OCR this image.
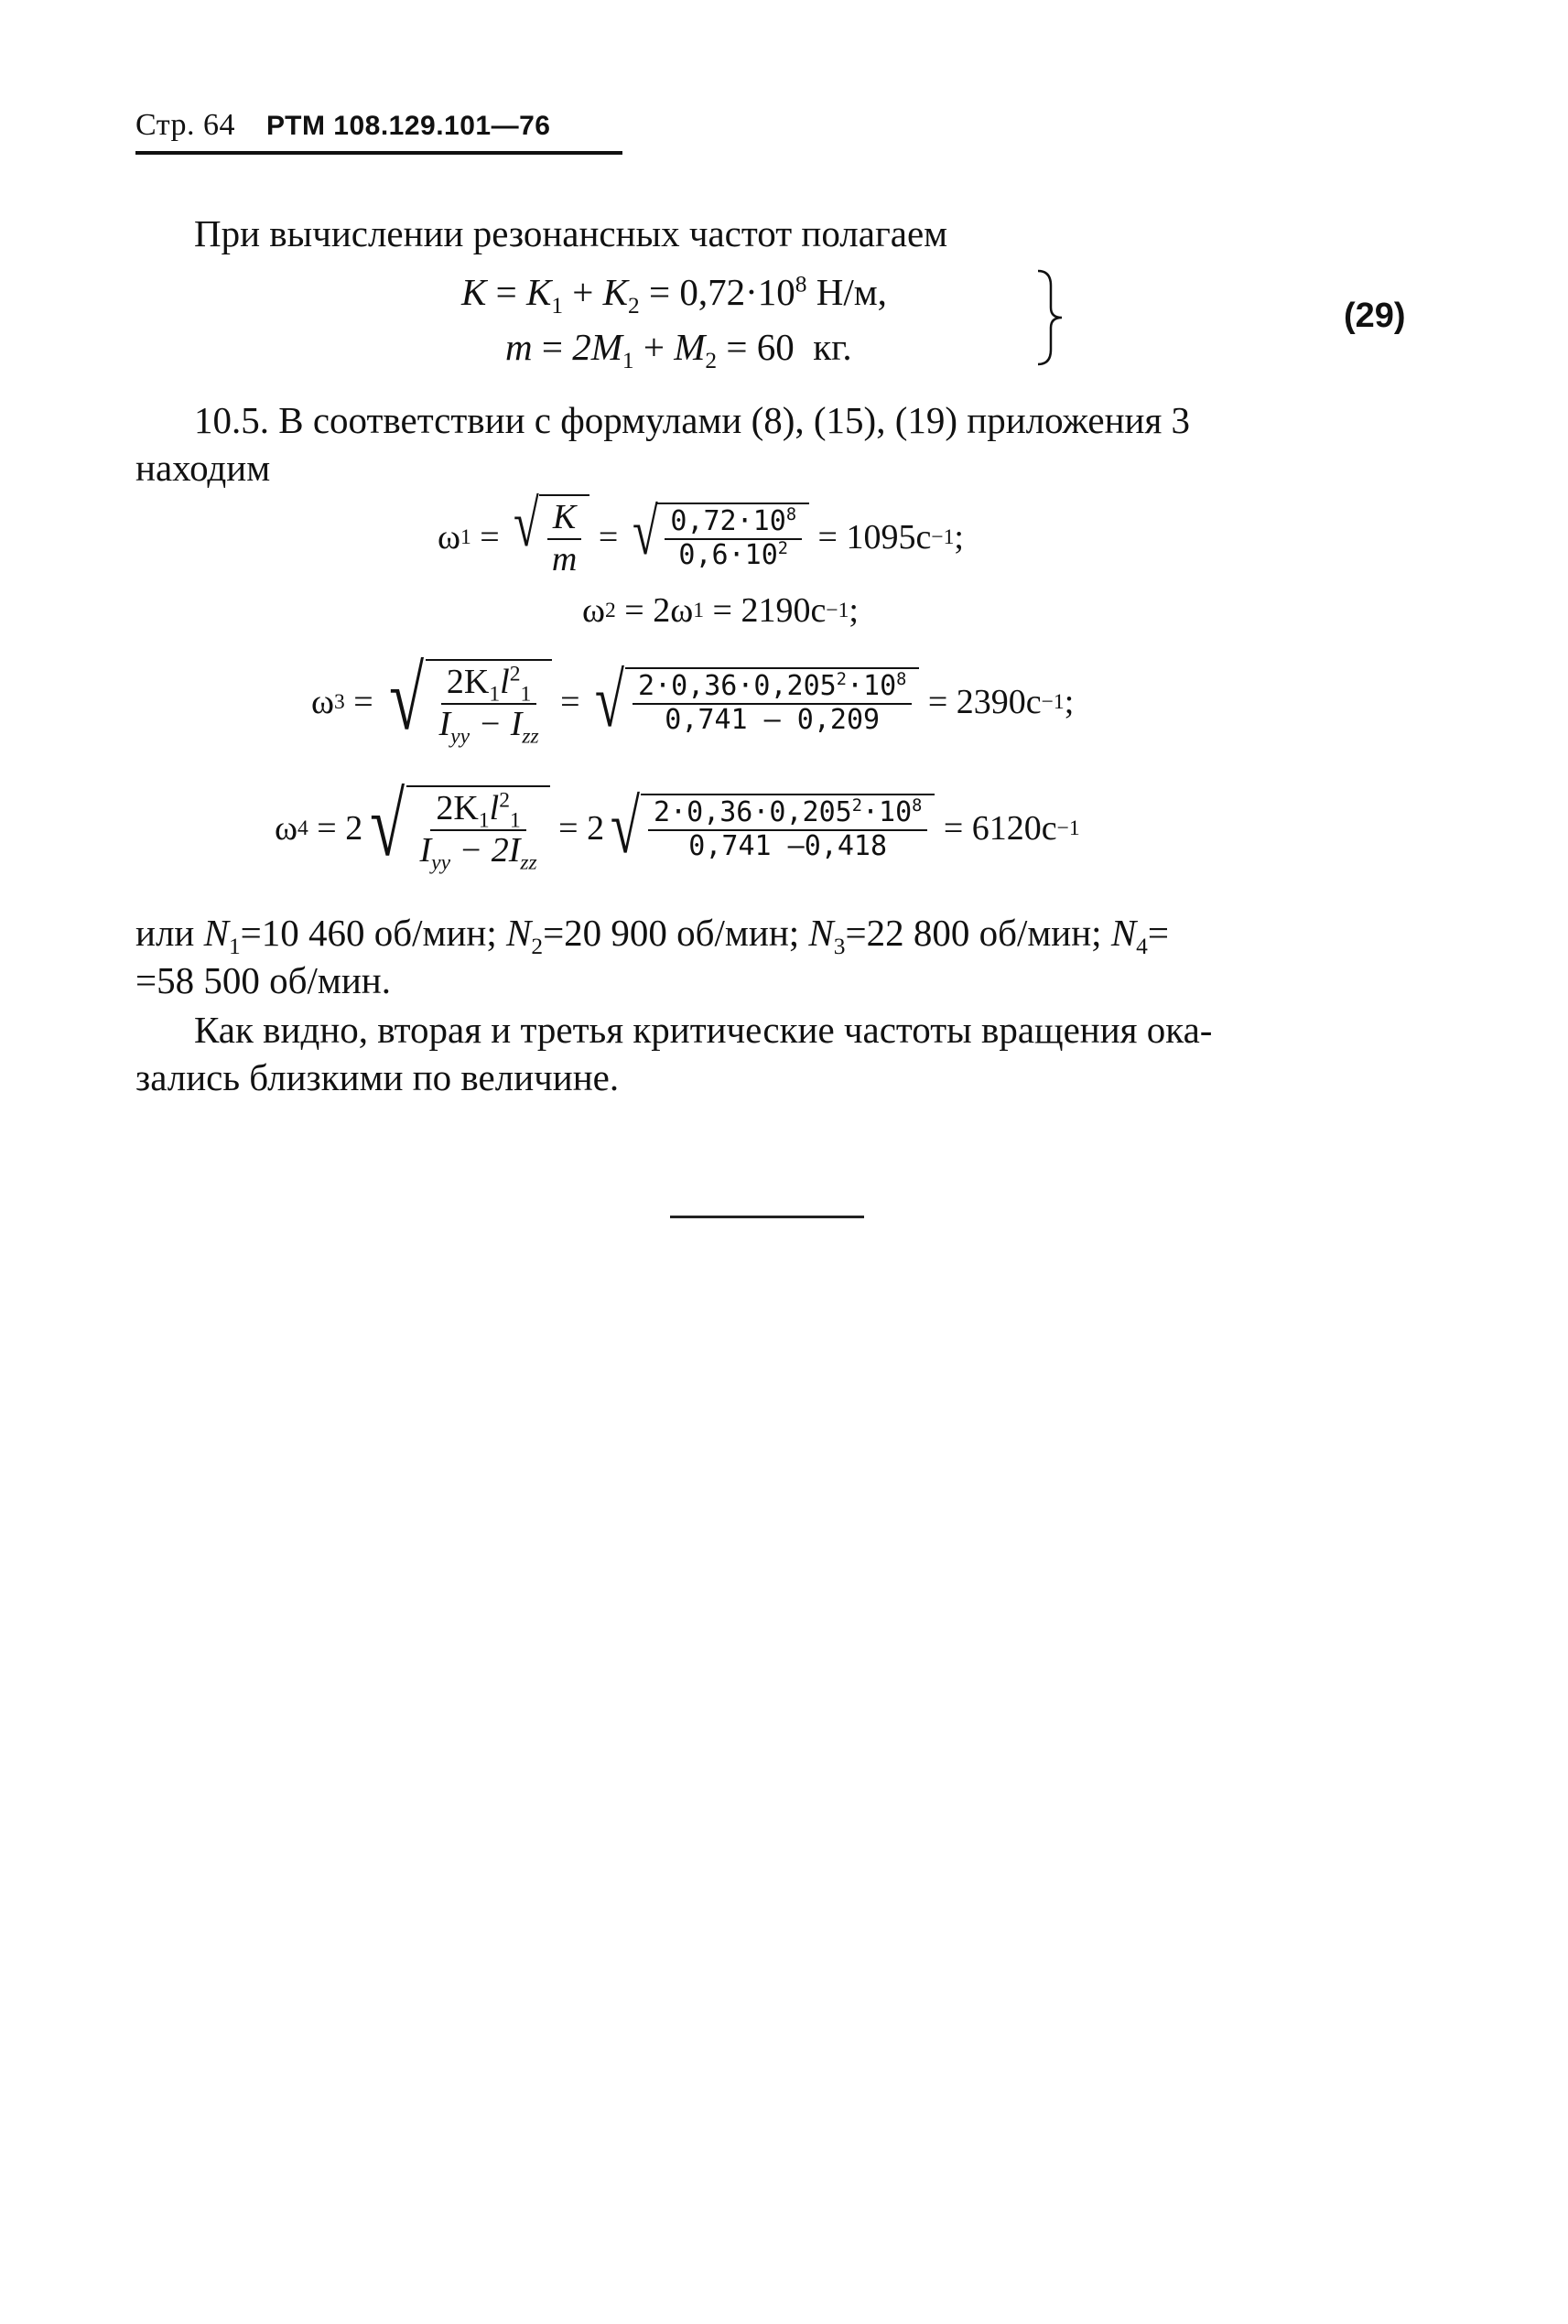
Стр. 64 РТМ 108.129.101—76
При вычислении резонансных частот полагаем
$K = K_1 + K_2 = 0,72\cdot 10^8$ Н/м,
$m = 2M_1 + M_2 = 60$ кг.
(29)
10.5. В соответствии с формулами (8), (15), (19) приложения 3
находим
ω 1 = √ $\frac{K}{m}$ = √ $\frac{0,72\cdot 10^8}{0,6\cdot 10^2} = 1095c -1$ ;
ω 2 = 2ω 1 = 2190c −1 ;
ω 3 = √ $\frac{2K_1l^2_1}{I_{yy} - I_{zz}}$ = √ $\frac{2\cdot 0,36\cdot 0,205^2\cdot 10^8}{0,741 — 0,209} = 2390c -1$ ;
ω 4 = 2 √ $\frac{2K_1l^2_1}{I_{yy} - 2I_{zz}} = 2$ √ $\frac{2\cdot 0,36\cdot 0,205^2\cdot 10^8}{0,741 —0,418} = 6120c -1$
или $N_1=10$ 460 об/мин; $N_2=20$ 900 об/мин; $N_3=22$ 800 об/мин; $N_4=$
=58 500 об/мин.
Как видно, вторая и третья критические частоты вращения ока-
зались близкими по величине.
